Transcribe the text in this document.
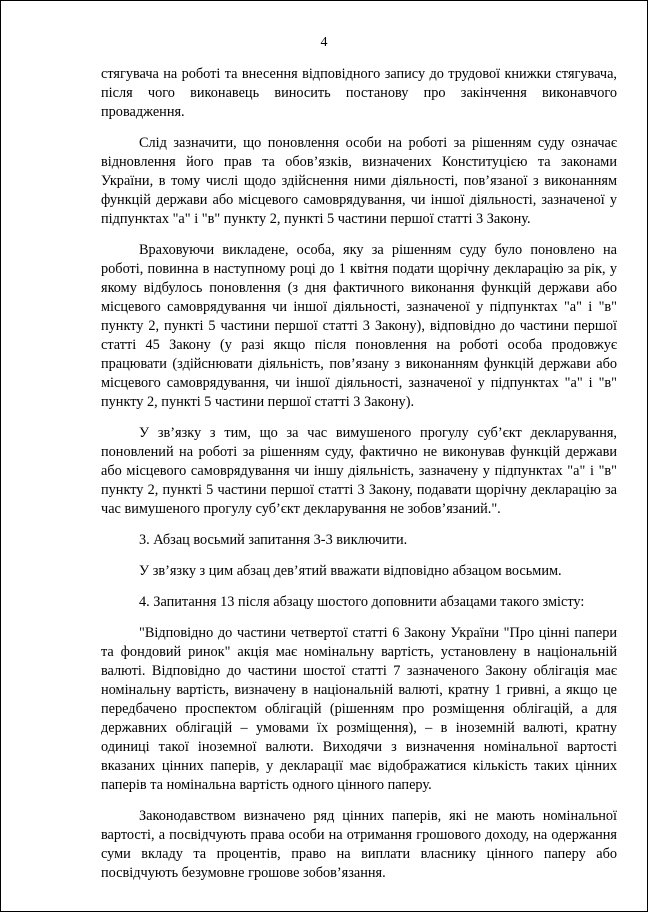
4

стягувача на роботі та внесення відповідного запису до трудової книжки стягувача, після чого виконавець виносить постанову про закінчення виконавчого провадження.

Слід зазначити, що поновлення особи на роботі за рішенням суду означає відновлення його прав та обов’язків, визначених Конституцією та законами України, в тому числі щодо здійснення ними діяльності, пов’язаної з виконанням функцій держави або місцевого самоврядування, чи іншої діяльності, зазначеної у підпунктах "а" і "в" пункту 2, пункті 5 частини першої статті 3 Закону.

Враховуючи викладене, особа, яку за рішенням суду було поновлено на роботі, повинна в наступному році до 1 квітня подати щорічну декларацію за рік, у якому відбулось поновлення (з дня фактичного виконання функцій держави або місцевого самоврядування чи іншої діяльності, зазначеної у підпунктах "а" і "в" пункту 2, пункті 5 частини першої статті 3 Закону), відповідно до частини першої статті 45 Закону (у разі якщо після поновлення на роботі особа продовжує працювати (здійснювати діяльність, пов’язану з виконанням функцій держави або місцевого самоврядування, чи іншої діяльності, зазначеної у підпунктах "а" і "в" пункту 2, пункті 5 частини першої статті 3 Закону).

У зв’язку з тим, що за час вимушеного прогулу суб’єкт декларування, поновлений на роботі за рішенням суду, фактично не виконував функцій держави або місцевого самоврядування чи іншу діяльність, зазначену у підпунктах "а" і "в" пункту 2, пункті 5 частини першої статті 3 Закону, подавати щорічну декларацію за час вимушеного прогулу суб’єкт декларування не зобов’язаний.".

3. Абзац восьмий запитання 3-3 виключити.

У зв’язку з цим абзац дев’ятий вважати відповідно абзацом восьмим.

4. Запитання 13 після абзацу шостого доповнити абзацами такого змісту:

"Відповідно до частини четвертої статті 6 Закону України "Про цінні папери та фондовий ринок" акція має номінальну вартість, установлену в національній валюті. Відповідно до частини шостої статті 7 зазначеного Закону облігація має номінальну вартість, визначену в національній валюті, кратну 1 гривні, а якщо це передбачено проспектом облігацій (рішенням про розміщення облігацій, а для державних облігацій – умовами їх розміщення), – в іноземній валюті, кратну одиниці такої іноземної валюти. Виходячи з визначення номінальної вартості вказаних цінних паперів, у декларації має відображатися кількість таких цінних паперів та номінальна вартість одного цінного паперу.

Законодавством визначено ряд цінних паперів, які не мають номінальної вартості, а посвідчують права особи на отримання грошового доходу, на одержання суми вкладу та процентів, право на виплати власнику цінного паперу або посвідчують безумовне грошове зобов’язання.
